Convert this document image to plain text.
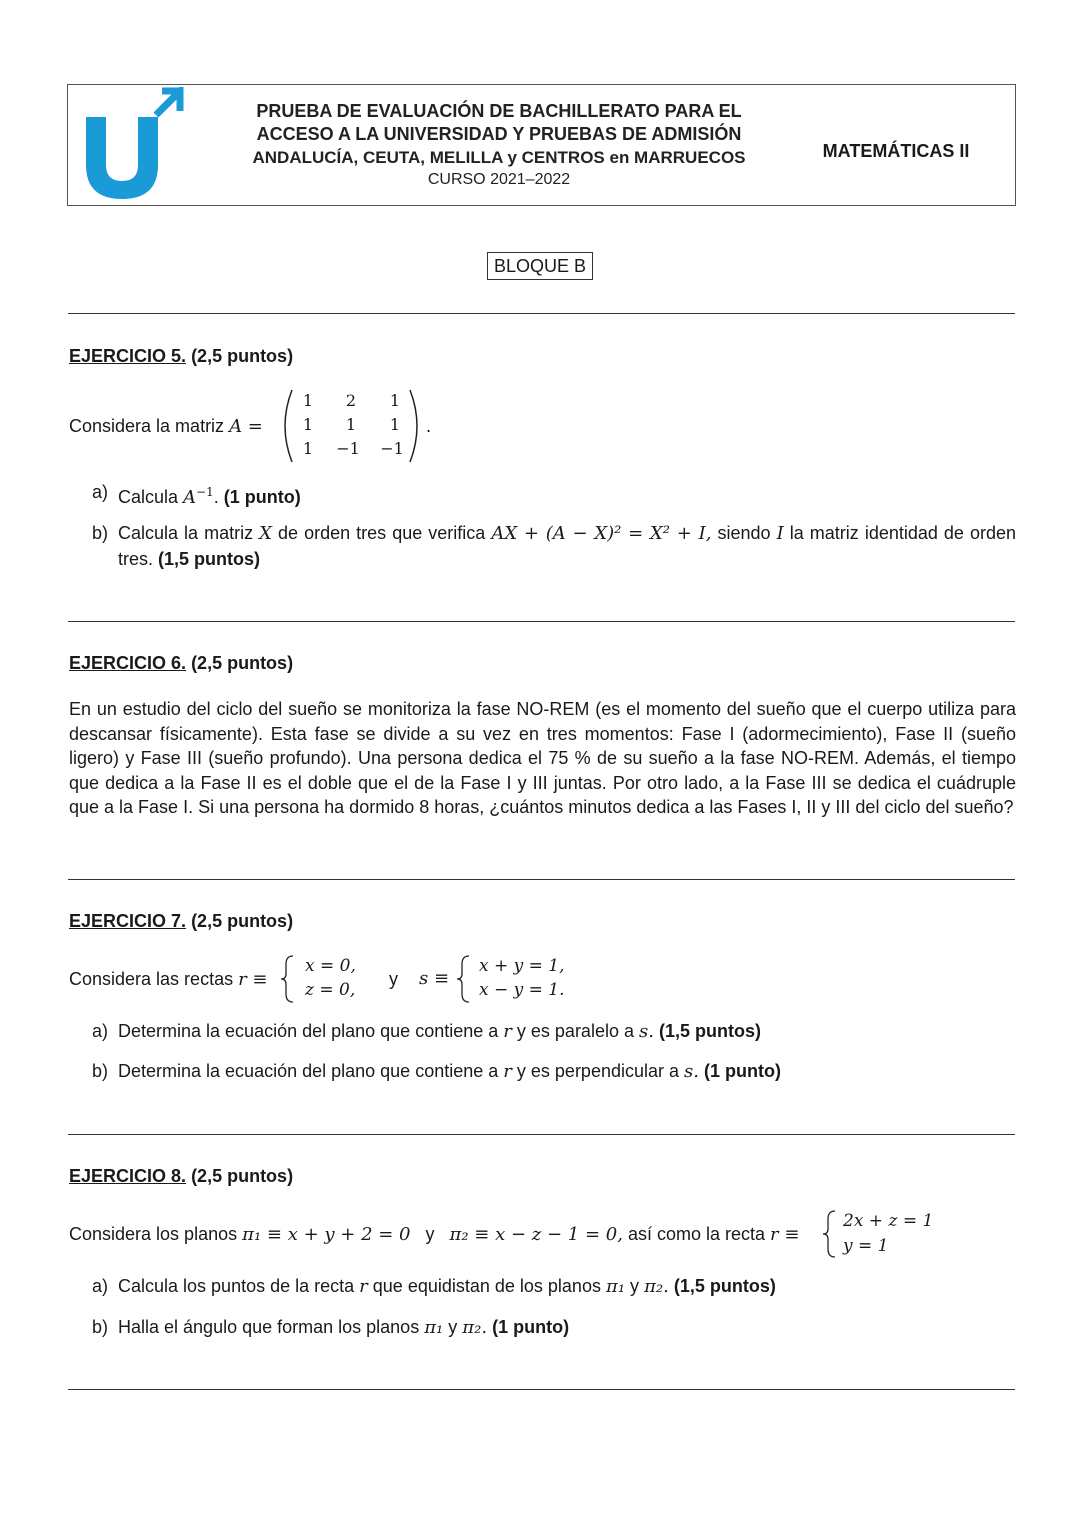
PRUEBA DE EVALUACIÓN DE BACHILLERATO PARA EL
ACCESO A LA UNIVERSIDAD Y PRUEBAS DE ADMISIÓN
ANDALUCÍA, CEUTA, MELILLA y CENTROS en MARRUECOS
CURSO 2021–2022
MATEMÁTICAS II
BLOQUE B
EJERCICIO 5. (2,5 puntos)
Considera la matriz A =	.
1	2	1
1	1	1
1	−1 −1
a) Calcula $A^{-1}$. (1 punto)
b) Calcula la matriz X de orden tres que verifica AX + (A − X)² = X² + I, siendo I la matriz identidad de orden tres. (1,5 puntos)
EJERCICIO 6. (2,5 puntos)
En un estudio del ciclo del sueño se monitoriza la fase NO-REM (es el momento del sueño que el cuerpo utiliza para descansar físicamente). Esta fase se divide a su vez en tres momentos: Fase I (adormecimiento), Fase II (sueño ligero) y Fase III (sueño profundo). Una persona dedica el 75 % de su sueño a la fase NO-REM. Además, el tiempo que dedica a la Fase II es el doble que el de la Fase I y III juntas. Por otro lado, a la Fase III se dedica el cuádruple que a la Fase I. Si una persona ha dormido 8 horas, ¿cuántos minutos dedica a las Fases I, II y III del ciclo del sueño?
EJERCICIO 7. (2,5 puntos)
Considera las rectas r ≡
x = 0,
z = 0,
y s ≡
x + y = 1,
x − y = 1.
a) Determina la ecuación del plano que contiene a r y es paralelo a s. (1,5 puntos)
b) Determina la ecuación del plano que contiene a r y es perpendicular a s. (1 punto)
EJERCICIO 8. (2,5 puntos)
Considera los planos π₁ ≡ x + y + 2 = 0 y π₂ ≡ x − z − 1 = 0, así como la recta r ≡
2x + z = 1
y = 1
a) Calcula los puntos de la recta r que equidistan de los planos π₁ y π₂. (1,5 puntos)
b) Halla el ángulo que forman los planos π₁ y π₂. (1 punto)
